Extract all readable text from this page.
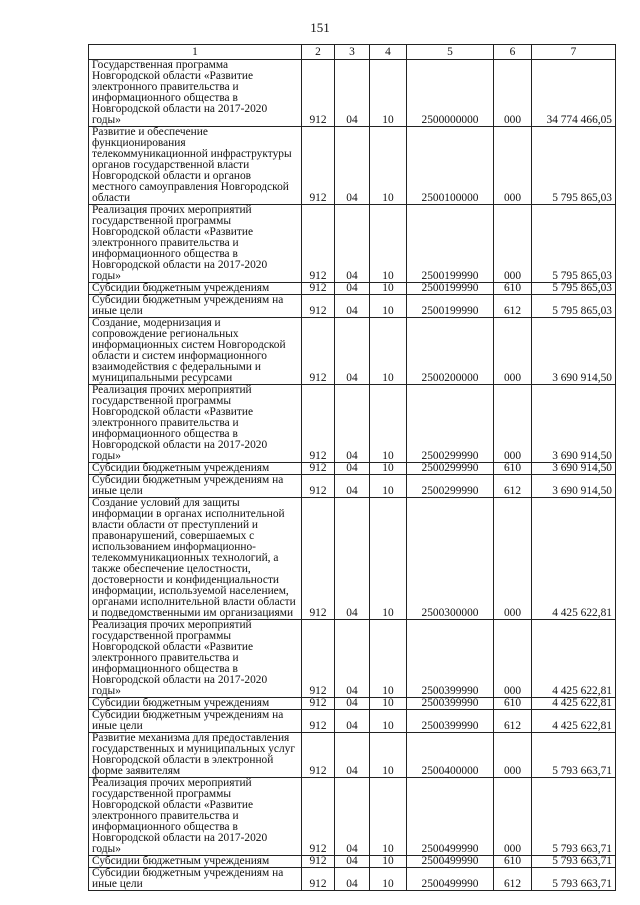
151
1	2	3	4	5	6	7
Государственная программа Новгородской области «Развитие электронного правительства и информационного общества в Новгородской области на 2017-2020 годы»	912	04	10	2500000000	000	34 774 466,05
Развитие и обеспечение функционирования телекоммуникационной инфраструктуры органов государственной власти Новгородской области и органов местного самоуправления Новгородской области	912	04	10	2500100000	000	5 795 865,03
Реализация прочих мероприятий государственной программы Новгородской области «Развитие электронного правительства и информационного общества в Новгородской области на 2017-2020 годы»	912	04	10	2500199990	000	5 795 865,03
Субсидии бюджетным учреждениям	912	04	10	2500199990	610	5 795 865,03
Субсидии бюджетным учреждениям на иные цели	912	04	10	2500199990	612	5 795 865,03
Создание, модернизация и сопровождение региональных информационных систем Новгородской области и систем информационного взаимодействия с федеральными и муниципальными ресурсами	912	04	10	2500200000	000	3 690 914,50
Реализация прочих мероприятий государственной программы Новгородской области «Развитие электронного правительства и информационного общества в Новгородской области на 2017-2020 годы»	912	04	10	2500299990	000	3 690 914,50
Субсидии бюджетным учреждениям	912	04	10	2500299990	610	3 690 914,50
Субсидии бюджетным учреждениям на иные цели	912	04	10	2500299990	612	3 690 914,50
Создание условий для защиты информации в органах исполнительной власти области от преступлений и правонарушений, совершаемых с использованием информационно-телекоммуникационных технологий, а также обеспечение целостности, достоверности и конфиденциальности информации, используемой населением, органами исполнительной власти области и подведомственными им организациями	912	04	10	2500300000	000	4 425 622,81
Реализация прочих мероприятий государственной программы Новгородской области «Развитие электронного правительства и информационного общества в Новгородской области на 2017-2020 годы»	912	04	10	2500399990	000	4 425 622,81
Субсидии бюджетным учреждениям	912	04	10	2500399990	610	4 425 622,81
Субсидии бюджетным учреждениям на иные цели	912	04	10	2500399990	612	4 425 622,81
Развитие механизма для предоставления государственных и муниципальных услуг Новгородской области в электронной форме заявителям	912	04	10	2500400000	000	5 793 663,71
Реализация прочих мероприятий государственной программы Новгородской области «Развитие электронного правительства и информационного общества в Новгородской области на 2017-2020 годы»	912	04	10	2500499990	000	5 793 663,71
Субсидии бюджетным учреждениям	912	04	10	2500499990	610	5 793 663,71
Субсидии бюджетным учреждениям на иные цели	912	04	10	2500499990	612	5 793 663,71
